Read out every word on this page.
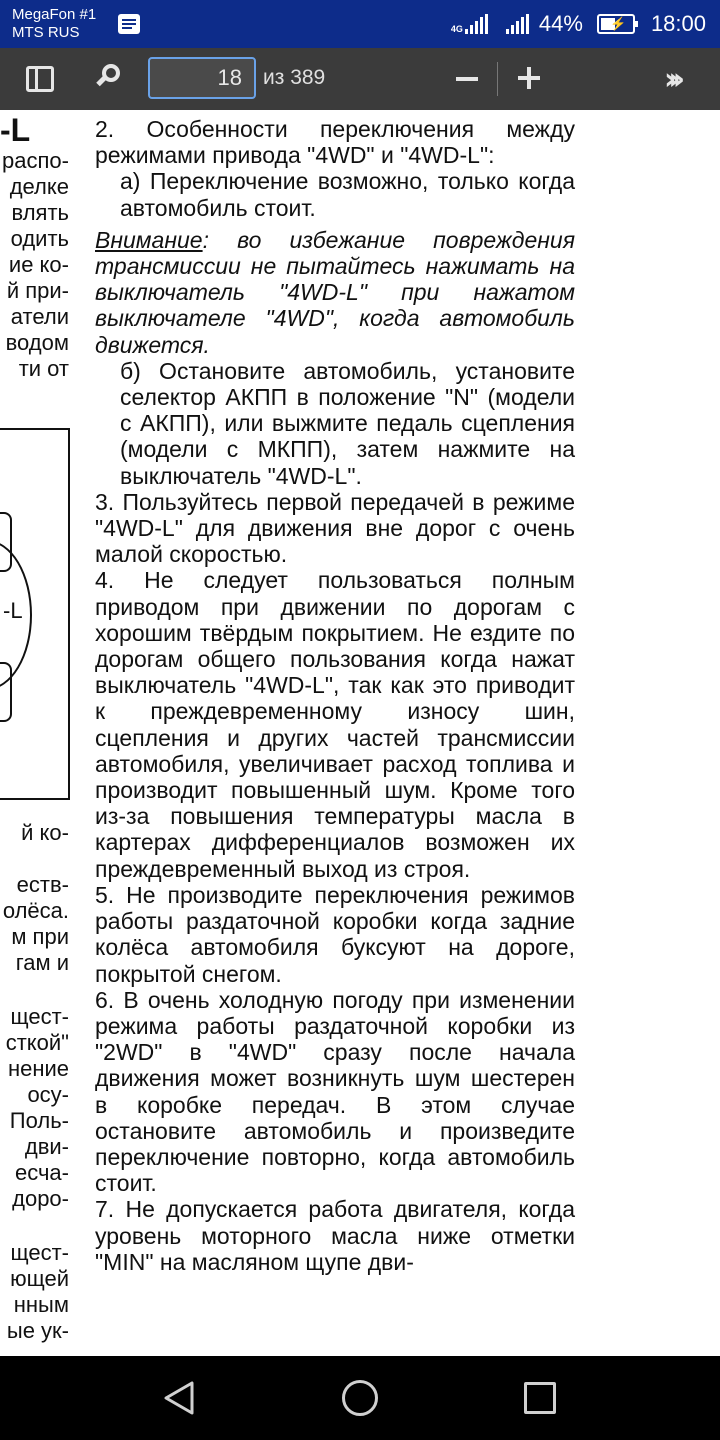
MegaFon #1
MTS RUS	4G	44% ⚡ 18:00
18	из 389	›››
-L
распо-
делке
влять
одить
ие ко-
й при-
атели
водом
ти от
-L
й ко-
еств-
олёса.
м при
гам и
щест-
сткой"
нение
осу-
Поль-
дви-
есча-
доро-
щест-
ющей
нным
ые ук-

2. Особенности переключения между режимами привода "4WD" и "4WD-L":

а) Переключение возможно, только когда автомобиль стоит.

Внимание: во избежание повреждения трансмиссии не пытайтесь нажимать на выключатель "4WD-L" при нажатом выключателе "4WD", когда автомобиль движется.

б) Остановите автомобиль, установите селектор АКПП в положение "N" (модели с АКПП), или выжмите педаль сцепления (модели с МКПП), затем нажмите на выключатель "4WD-L".

3. Пользуйтесь первой передачей в режиме "4WD-L" для движения вне дорог с очень малой скоростью.

4. Не следует пользоваться полным приводом при движении по дорогам с хорошим твёрдым покрытием. Не ездите по дорогам общего пользования когда нажат выключатель "4WD-L", так как это приводит к преждевременному износу шин, сцепления и других частей трансмиссии автомобиля, увеличивает расход топлива и производит повышенный шум. Кроме того из-за повышения температуры масла в картерах дифференциалов возможен их преждевременный выход из строя.

5. Не производите переключения режимов работы раздаточной коробки когда задние колёса автомобиля буксуют на дороге, покрытой снегом.

6. В очень холодную погоду при изменении режима работы раздаточной коробки из "2WD" в "4WD" сразу после начала движения может возникнуть шум шестерен в коробке передач. В этом случае остановите автомобиль и произведите переключение повторно, когда автомобиль стоит.

7. Не допускается работа двигателя, когда уровень моторного масла ниже отметки "MIN" на масляном щупе дви-
